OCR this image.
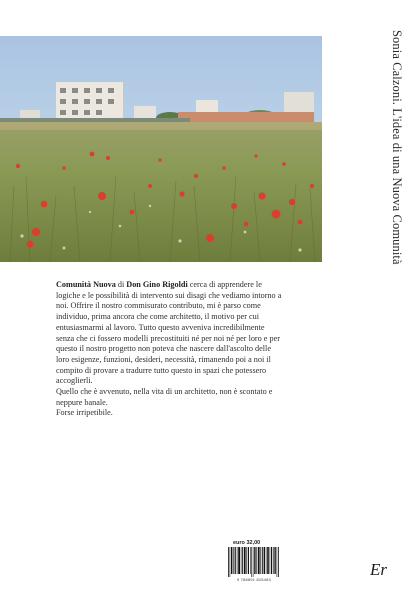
Sonia Calzoni. L'idea di una Nuova Comunità

Comunità Nuova di Don Gino Rigoldi cerca di apprendere le logiche e le possibilità di intervento sui disagi che vediamo intorno a noi. Offrire il nostro commisurato contributo, mi è parso come individuo, prima ancora che come architetto, il motivo per cui entusiasmarmi al lavoro. Tutto questo avveniva incredibilmente senza che ci fossero modelli precostituiti né per noi né per loro e per questo il nostro progetto non poteva che nascere dall'ascolto delle loro esigenze, funzioni, desideri, necessità, rimanendo poi a noi il compito di provare a tradurre tutto questo in spazi che potessero accoglierli.

Quello che è avvenuto, nella vita di un architetto, non è scontato e neppure banale.

Forse irripetibile.

euro 32,00
9 788891 825483
Er
